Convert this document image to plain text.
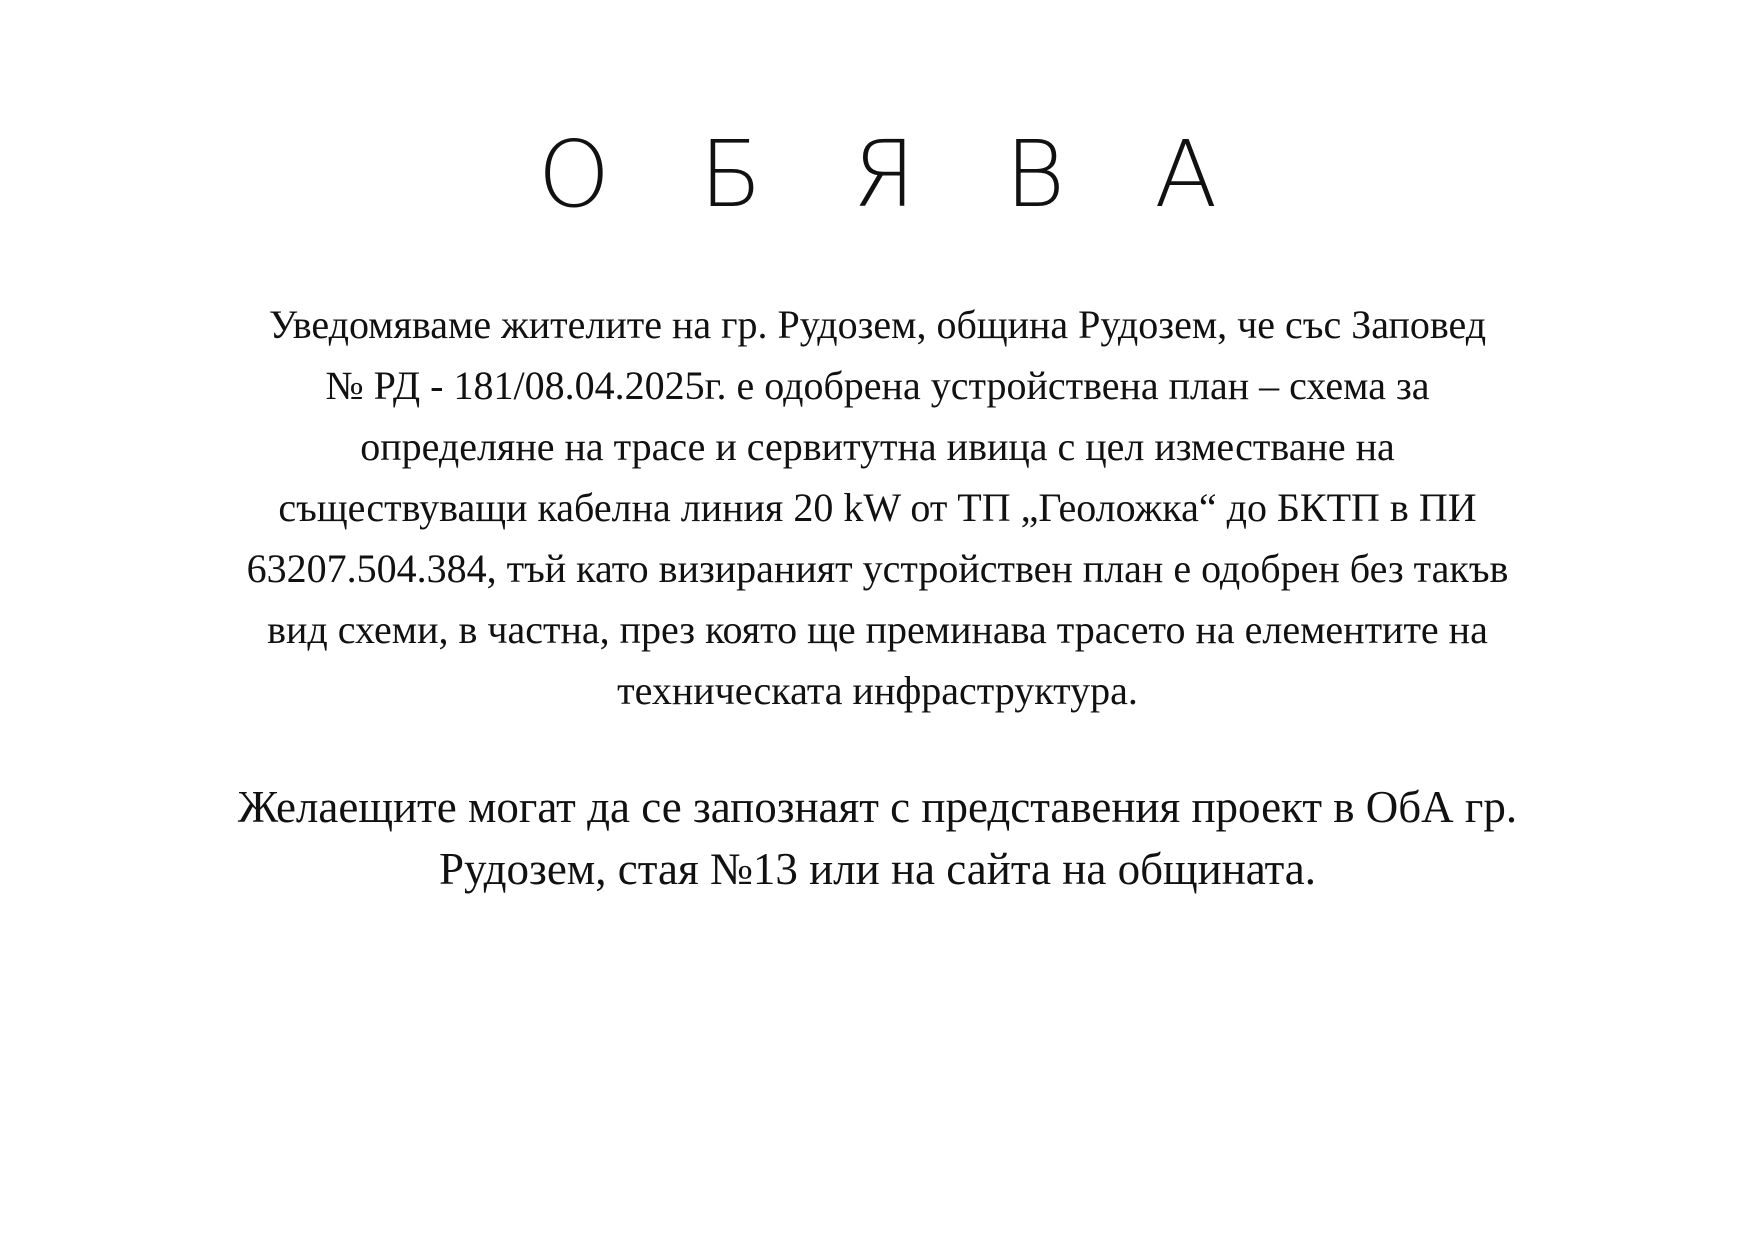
О Б Я В А
Уведомяваме жителите на гр. Рудозем, община Рудозем, че със Заповед
№ РД - 181/08.04.2025г. е одобрена устройствена план – схема за
определяне на трасе и сервитутна ивица с цел изместване на
съществуващи кабелна линия 20 kW от ТП „Геоложка“ до БКТП в ПИ
63207.504.384, тъй като визираният устройствен план е одобрен без такъв
вид схеми, в частна, през която ще преминава трасето на елементите на
техническата инфраструктура.
Желаещите могат да се запознаят с представения проект в ОбА гр.
Рудозем, стая №13 или на сайта на общината.
